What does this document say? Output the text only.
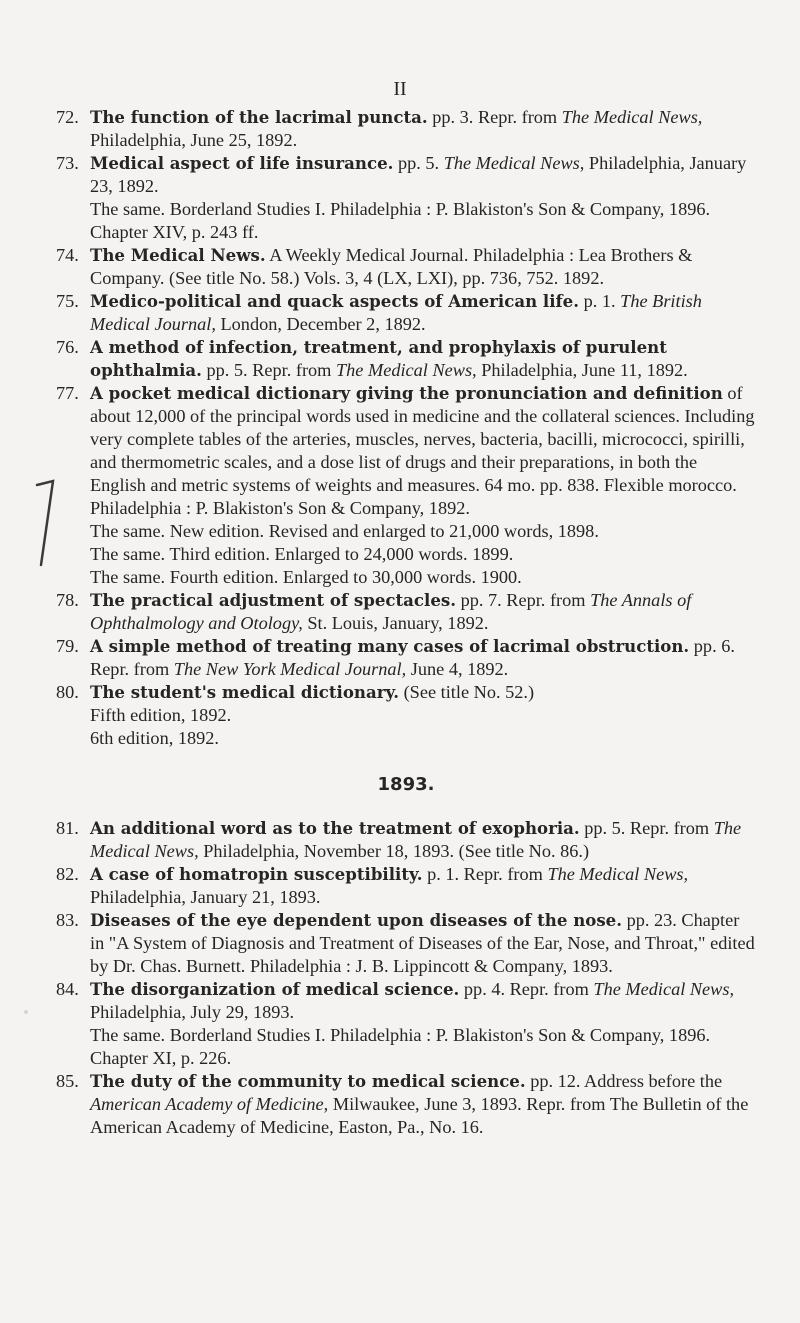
II
72. The function of the lacrimal puncta. pp. 3. Repr. from The Medical News, Philadelphia, June 25, 1892.
73. Medical aspect of life insurance. pp. 5. The Medical News, Philadelphia, January 23, 1892.
The same. Borderland Studies I. Philadelphia : P. Blakiston's Son & Company, 1896. Chapter XIV, p. 243 ff.
74. The Medical News. A Weekly Medical Journal. Philadelphia : Lea Brothers & Company. (See title No. 58.) Vols. 3, 4 (LX, LXI), pp. 736, 752. 1892.
75. Medico-political and quack aspects of American life. p. 1. The British Medical Journal, London, December 2, 1892.
76. A method of infection, treatment, and prophylaxis of purulent ophthalmia. pp. 5. Repr. from The Medical News, Philadelphia, June 11, 1892.
77. A pocket medical dictionary giving the pronunciation and definition of about 12,000 of the principal words used in medicine and the collateral sciences. Including very complete tables of the arteries, muscles, nerves, bacteria, bacilli, micrococci, spirilli, and thermometric scales, and a dose list of drugs and their preparations, in both the English and metric systems of weights and measures. 64 mo. pp. 838. Flexible morocco. Philadelphia : P. Blakiston's Son & Company, 1892.
The same. New edition. Revised and enlarged to 21,000 words, 1898.
The same. Third edition. Enlarged to 24,000 words. 1899.
The same. Fourth edition. Enlarged to 30,000 words. 1900.
78. The practical adjustment of spectacles. pp. 7. Repr. from The Annals of Ophthalmology and Otology, St. Louis, January, 1892.
79. A simple method of treating many cases of lacrimal obstruction. pp. 6. Repr. from The New York Medical Journal, June 4, 1892.
80. The student's medical dictionary. (See title No. 52.)
Fifth edition, 1892.
6th edition, 1892.
1893.
81. An additional word as to the treatment of exophoria. pp. 5. Repr. from The Medical News, Philadelphia, November 18, 1893. (See title No. 86.)
82. A case of homatropin susceptibility. p. 1. Repr. from The Medical News, Philadelphia, January 21, 1893.
83. Diseases of the eye dependent upon diseases of the nose. pp. 23. Chapter in "A System of Diagnosis and Treatment of Diseases of the Ear, Nose, and Throat," edited by Dr. Chas. Burnett. Philadelphia : J. B. Lippincott & Company, 1893.
84. The disorganization of medical science. pp. 4. Repr. from The Medical News, Philadelphia, July 29, 1893.
The same. Borderland Studies I. Philadelphia : P. Blakiston's Son & Company, 1896. Chapter XI, p. 226.
85. The duty of the community to medical science. pp. 12. Address before the American Academy of Medicine, Milwaukee, June 3, 1893. Repr. from The Bulletin of the American Academy of Medicine, Easton, Pa., No. 16.
